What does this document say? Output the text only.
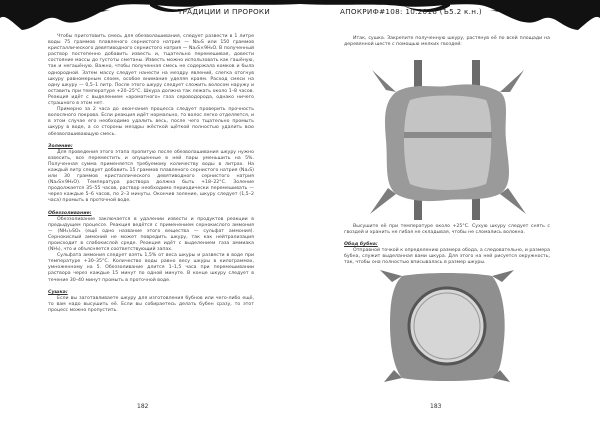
ТРАДИЦИИ И ПРОРОКИ

Чтобы приготовить смесь для обезволашивания, следует развести в 1 литре воды 75 граммов плавленого сернистого натрия — Na₂S или 150 граммов кристаллического девятиводного сернистого натрия — Na₂S×9H₂O. В полученный раствор постепенно добавить известь и, тщательно перемешивая, довести состояние массы до густоты сметаны. Известь можно использовать как гашёную, так и негашёную. Важно, чтобы полученная смесь не содержала комков и была однородной. Затем массу следует нанести на мездру явлений, слегка отогнув шкуру равномерным слоем, особое внимание уделяя краям. Расход смеси на одну шкуру — 0,5–1 литр. После этого шкуру следует сложить волосом наружу и оставить при температуре +20–25°С. Шкура должна так лежать около 1–8 часов. Реакция идёт с выделением «ароматного» газа сероводорода, однако ничего страшного в этом нет.

Примерно за 2 часа до окончания процесса следует проверить прочность волосяного покрова. Если реакция идёт нормально, то волос легко отделяется, и в этом случае его необходимо удалить весь, после чего тщательно промыть шкуру в воде, а со стороны мездры жёсткой щёткой полностью удалить всю обезволашивающую смесь.

Золение:

Для проведения этого этапа пропитую после обезволашивания шкуру нужно взвесить, все переместить и опущенные в ней пары уменьшить на 5%. Полученная сумма применяется требуемому количеству воды в литрах. На каждый литр следует добавить 15 граммов плавленого сернистого натрия (Na₂S) или 30 граммов кристаллического девятиводного сернистого натрия (Na₂S×9H₂O). Температура раствора должна быть +18–22°С. Золение продолжается 35–55 часов, раствор необходимо периодически перемешивать — через каждые 5–6 часов, по 2–3 минуты. Окончив золение, шкуру следует (1,5–2 часа) промыть в проточной воде.

Обеззоливание:

Обеззоливание заключается в удалении извести и продуктов реакции в предыдущем процессе. Реакция ведётся с применением сернокислого аммония — (NH₄)₂SO₄ (ещё одно название этого вещества — сульфат аммония). Сернокислый аммоний не может повредить шкуру, так как нейтрализация происходит в слабокислой среде. Реакция идёт с выделением газа аммиака (NH₃), что и объясняется соответствующий запах.

Сульфата аммония следует взять 1,5% от веса шкуры и развести в воде при температуре +30–35°С. Количество воды равно весу шкуры в килограммах, умноженному на 5. Обеззоливание длится 1–1,5 часа при перемешивании раствора через каждые 15 минут по одной минуте. В конце шкуру следует в течение 30–40 минут промыть в проточной воде.

Сушка:

Если вы заготавливаете шкуру для изготовления бубнов или чего-либо ещё, то вам надо высушить её. Если вы собираетесь делать бубен сразу, то этот процесс можно пропустить.

182
АПОКРИФ#108: 10.2016 (Ъ5.2 к.н.)

Итак, сушка. Закрепите полученную шкуру, растянув её по всей площади на деревянной шесте с помощью мелких гвоздей:

Высушите её при температуре около +25°С. Сухую шкуру следует снять с гвоздей и хранить не гибая не складывая, чтобы не сломались волокна.

Обод бубна:

Отправной точкой к определению размера обода, а следовательно, и размера бубна, служит выделанная вами шкура. Для этого на ней рисуется окружность, так, чтобы она полностью вписывалась в размер шкуры.

183
